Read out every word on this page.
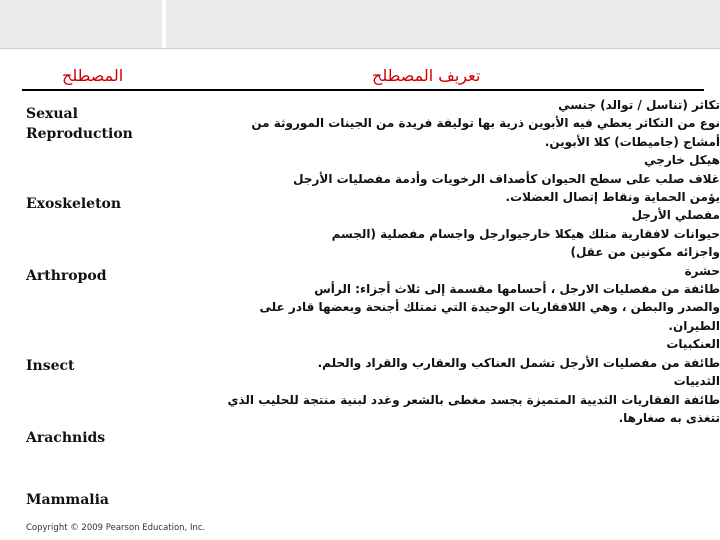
المصطلح	تعريف المصطلح
Sexual
Reproduction
Exoskeleton
Arthropod
Insect
Arachnids
Mammalia
تكاثر (تناسل / توالد) جنسي
نوع من التكاثر يعطي فيه الأبوين ذرية بها توليفة فريدة من الجينات الموروثة من
أمشاج (جاميطات) كلا الأبوين.
هيكل خارجي
غلاف صلب على سطح الحيوان كأصداف الرخويات وأدمة مفصليات الأرجل
يؤمن الحماية ونقاط إتصال العضلات.
مفصلي الأرجل
حيوانات لافقارية متلك هيكلا خارجيوارجل واجسام مفصلية (الجسم
واجزائه مكونين من عقل)
حشرة
طائفة من مفصليات الارجل ، أحسامها مقسمة إلى ثلاث أجزاء: الرأس
والصدر والبطن ، وهي اللافقاريات الوحيدة التي تمتلك أجنحة وبعضها قادر على
الطيران.
العنكبيات
طائفة من مفصليات الأرجل تشمل العناكب والعقارب والقراد والحلم.
الثدييات
طائفة الفقاريات الثديية المتميزة بجسد مغطى بالشعر وغدد لبنية منتجة للحليب الذي
تتغذى به صغارها.
Copyright © 2009 Pearson Education, Inc.
